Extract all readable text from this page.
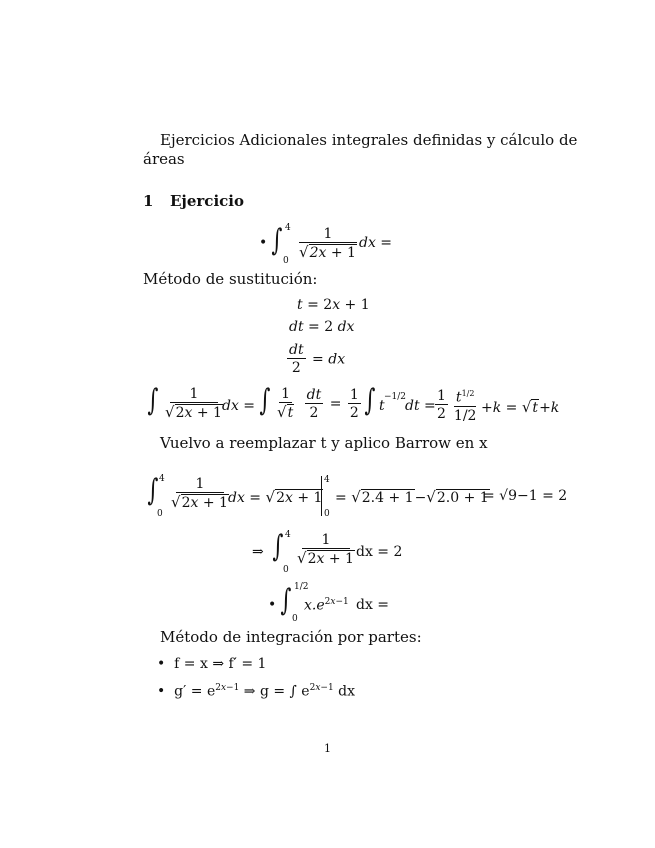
Ejercicios Adicionales integrales definidas y cálculo de
áreas
1 Ejercicio
• ∫ 4
$0 \frac{1}{√2x + 1}$ dx =
Método de sustitución:
t = 2x + 1
dt = 2 dx
$\frac{dt}{2}$ = dx
∫ $\frac{1}{√2x + 1}$
dx = ∫ $\frac{1}{√t}$
$\frac{dt}{2} = \frac{1}{2}$ ∫ t
−1/2
dt = $\frac{1}{2} \frac{t^{1/2}}{1/2} +k = √t+k$
Vuelvo a reemplazar t y aplico Barrow en x
∫ 4
0
$\frac{1}{√2x + 1}$
dx = √2x + 1
4
0
= √2.4 + 1−√2.0 + 1
= √9−1 = 2
⇒ ∫ 4
0
$\frac{1}{√2x + 1}$ dx = 2
• ∫ 1/2
0
$x.e^{2x-1}$ dx =
Método de integración por partes:
• f = x ⇒ f′ = 1
• $g' = e^{2x-1}$ ⇒ g = ∫ $e^{2x-1}$ dx
1
